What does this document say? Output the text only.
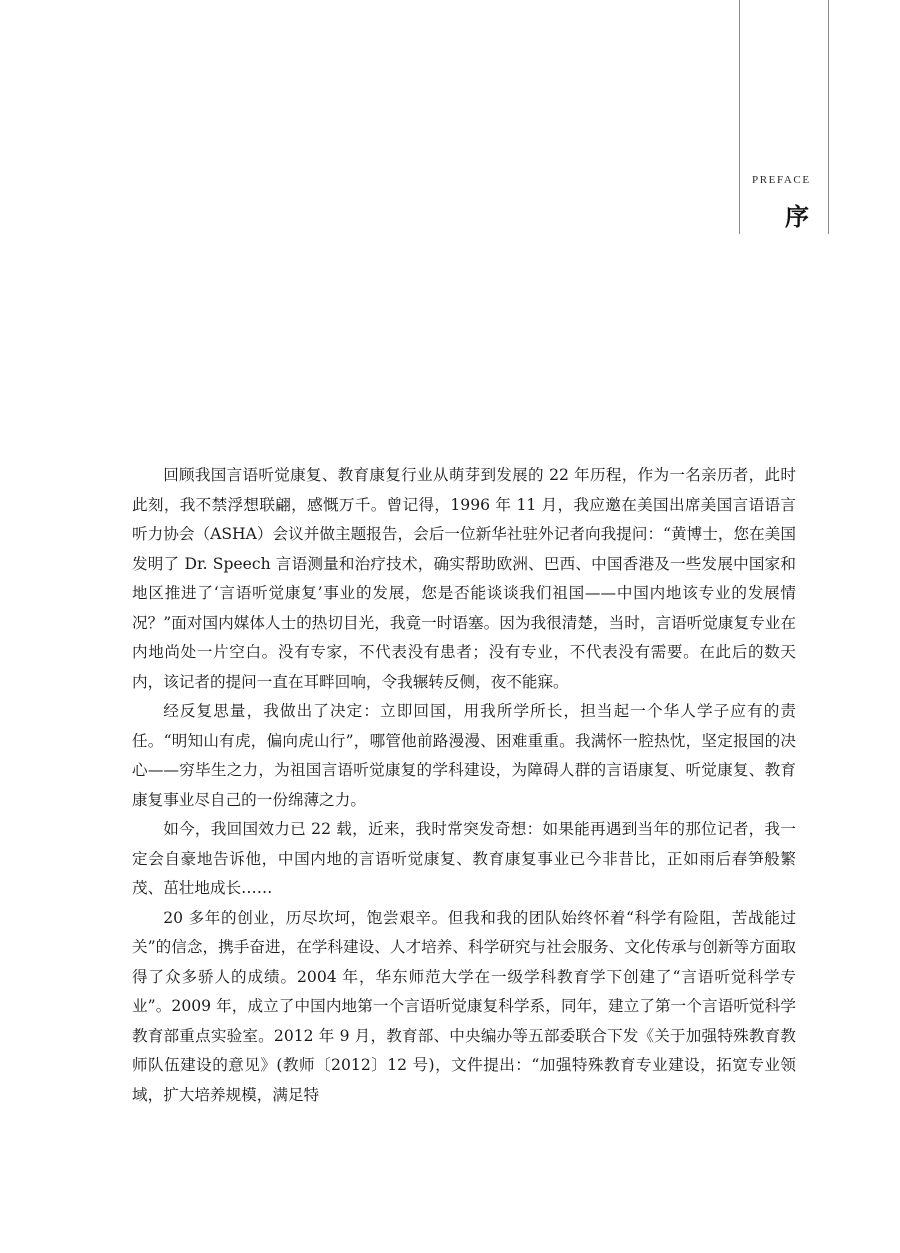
PREFACE
序

回顾我国言语听觉康复、教育康复行业从萌芽到发展的 22 年历程，作为一名亲历者，此时此刻，我不禁浮想联翩，感慨万千。曾记得，1996 年 11 月，我应邀在美国出席美国言语语言听力协会（ASHA）会议并做主题报告，会后一位新华社驻外记者向我提问：“黄博士，您在美国发明了 Dr. Speech 言语测量和治疗技术，确实帮助欧洲、巴西、中国香港及一些发展中国家和地区推进了‘言语听觉康复’事业的发展，您是否能谈谈我们祖国——中国内地该专业的发展情况？”面对国内媒体人士的热切目光，我竟一时语塞。因为我很清楚，当时，言语听觉康复专业在内地尚处一片空白。没有专家，不代表没有患者；没有专业，不代表没有需要。在此后的数天内，该记者的提问一直在耳畔回响，令我辗转反侧，夜不能寐。

经反复思量，我做出了决定：立即回国，用我所学所长，担当起一个华人学子应有的责任。“明知山有虎，偏向虎山行”，哪管他前路漫漫、困难重重。我满怀一腔热忱，坚定报国的决心——穷毕生之力，为祖国言语听觉康复的学科建设，为障碍人群的言语康复、听觉康复、教育康复事业尽自己的一份绵薄之力。

如今，我回国效力已 22 载，近来，我时常突发奇想：如果能再遇到当年的那位记者，我一定会自豪地告诉他，中国内地的言语听觉康复、教育康复事业已今非昔比，正如雨后春笋般繁茂、茁壮地成长……

20 多年的创业，历尽坎坷，饱尝艰辛。但我和我的团队始终怀着“科学有险阻，苦战能过关”的信念，携手奋进，在学科建设、人才培养、科学研究与社会服务、文化传承与创新等方面取得了众多骄人的成绩。2004 年，华东师范大学在一级学科教育学下创建了“言语听觉科学专业”。2009 年，成立了中国内地第一个言语听觉康复科学系，同年，建立了第一个言语听觉科学教育部重点实验室。2012 年 9 月，教育部、中央编办等五部委联合下发《关于加强特殊教育教师队伍建设的意见》(教师〔2012〕12 号)，文件提出：“加强特殊教育专业建设，拓宽专业领域，扩大培养规模，满足特
